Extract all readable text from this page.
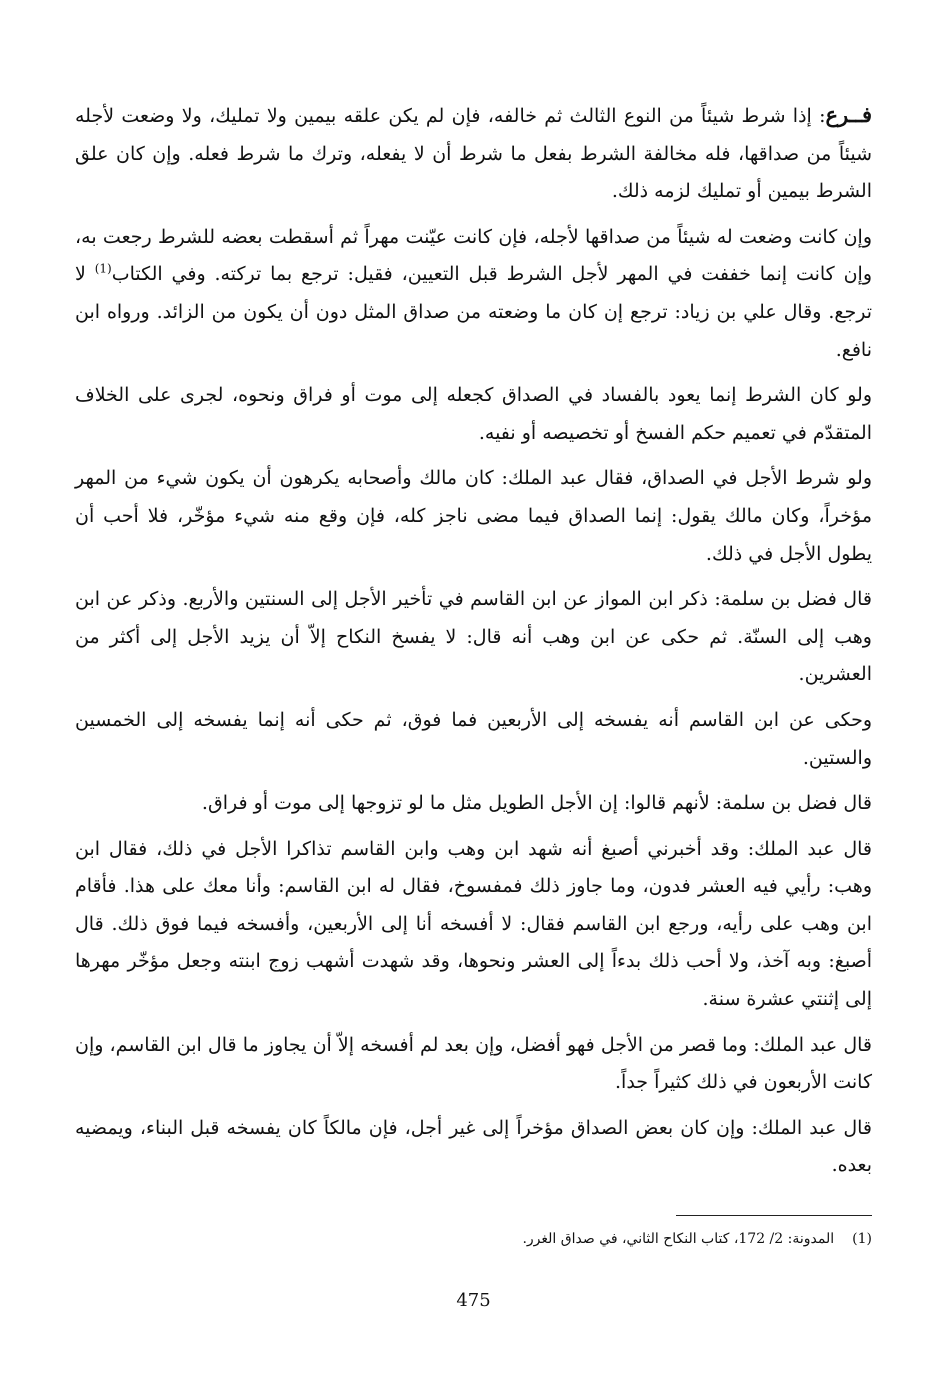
فــرع: إذا شرط شيئاً من النوع الثالث ثم خالفه، فإن لم يكن علقه بيمين ولا تمليك، ولا وضعت لأجله شيئاً من صداقها، فله مخالفة الشرط بفعل ما شرط أن لا يفعله، وترك ما شرط فعله. وإن كان علق الشرط بيمين أو تمليك لزمه ذلك.

وإن كانت وضعت له شيئاً من صداقها لأجله، فإن كانت عيّنت مهراً ثم أسقطت بعضه للشرط رجعت به، وإن كانت إنما خففت في المهر لأجل الشرط قبل التعيين، فقيل: ترجع بما تركته. وفي الكتاب$^{(1)}$ لا ترجع. وقال علي بن زياد: ترجع إن كان ما وضعته من صداق المثل دون أن يكون من الزائد. ورواه ابن نافع.

ولو كان الشرط إنما يعود بالفساد في الصداق كجعله إلى موت أو فراق ونحوه، لجرى على الخلاف المتقدّم في تعميم حكم الفسخ أو تخصيصه أو نفيه.

ولو شرط الأجل في الصداق، فقال عبد الملك: كان مالك وأصحابه يكرهون أن يكون شيء من المهر مؤخراً، وكان مالك يقول: إنما الصداق فيما مضى ناجز كله، فإن وقع منه شيء مؤخّر، فلا أحب أن يطول الأجل في ذلك.

قال فضل بن سلمة: ذكر ابن المواز عن ابن القاسم في تأخير الأجل إلى السنتين والأربع. وذكر عن ابن وهب إلى السنّة. ثم حكى عن ابن وهب أنه قال: لا يفسخ النكاح إلاّ أن يزيد الأجل إلى أكثر من العشرين.

وحكى عن ابن القاسم أنه يفسخه إلى الأربعين فما فوق، ثم حكى أنه إنما يفسخه إلى الخمسين والستين.

قال فضل بن سلمة: لأنهم قالوا: إن الأجل الطويل مثل ما لو تزوجها إلى موت أو فراق.

قال عبد الملك: وقد أخبرني أصبغ أنه شهد ابن وهب وابن القاسم تذاكرا الأجل في ذلك، فقال ابن وهب: رأيي فيه العشر فدون، وما جاوز ذلك فمفسوخ، فقال له ابن القاسم: وأنا معك على هذا. فأقام ابن وهب على رأيه، ورجع ابن القاسم فقال: لا أفسخه أنا إلى الأربعين، وأفسخه فيما فوق ذلك. قال أصبغ: وبه آخذ، ولا أحب ذلك بدءاً إلى العشر ونحوها، وقد شهدت أشهب زوج ابنته وجعل مؤخّر مهرها إلى إثنتي عشرة سنة.

قال عبد الملك: وما قصر من الأجل فهو أفضل، وإن بعد لم أفسخه إلاّ أن يجاوز ما قال ابن القاسم، وإن كانت الأربعون في ذلك كثيراً جداً.

قال عبد الملك: وإن كان بعض الصداق مؤخراً إلى غير أجل، فإن مالكاً كان يفسخه قبل البناء، ويمضيه بعده.

(1)المدونة: 2/ 172، كتاب النكاح الثاني، في صداق الغرر.

475
